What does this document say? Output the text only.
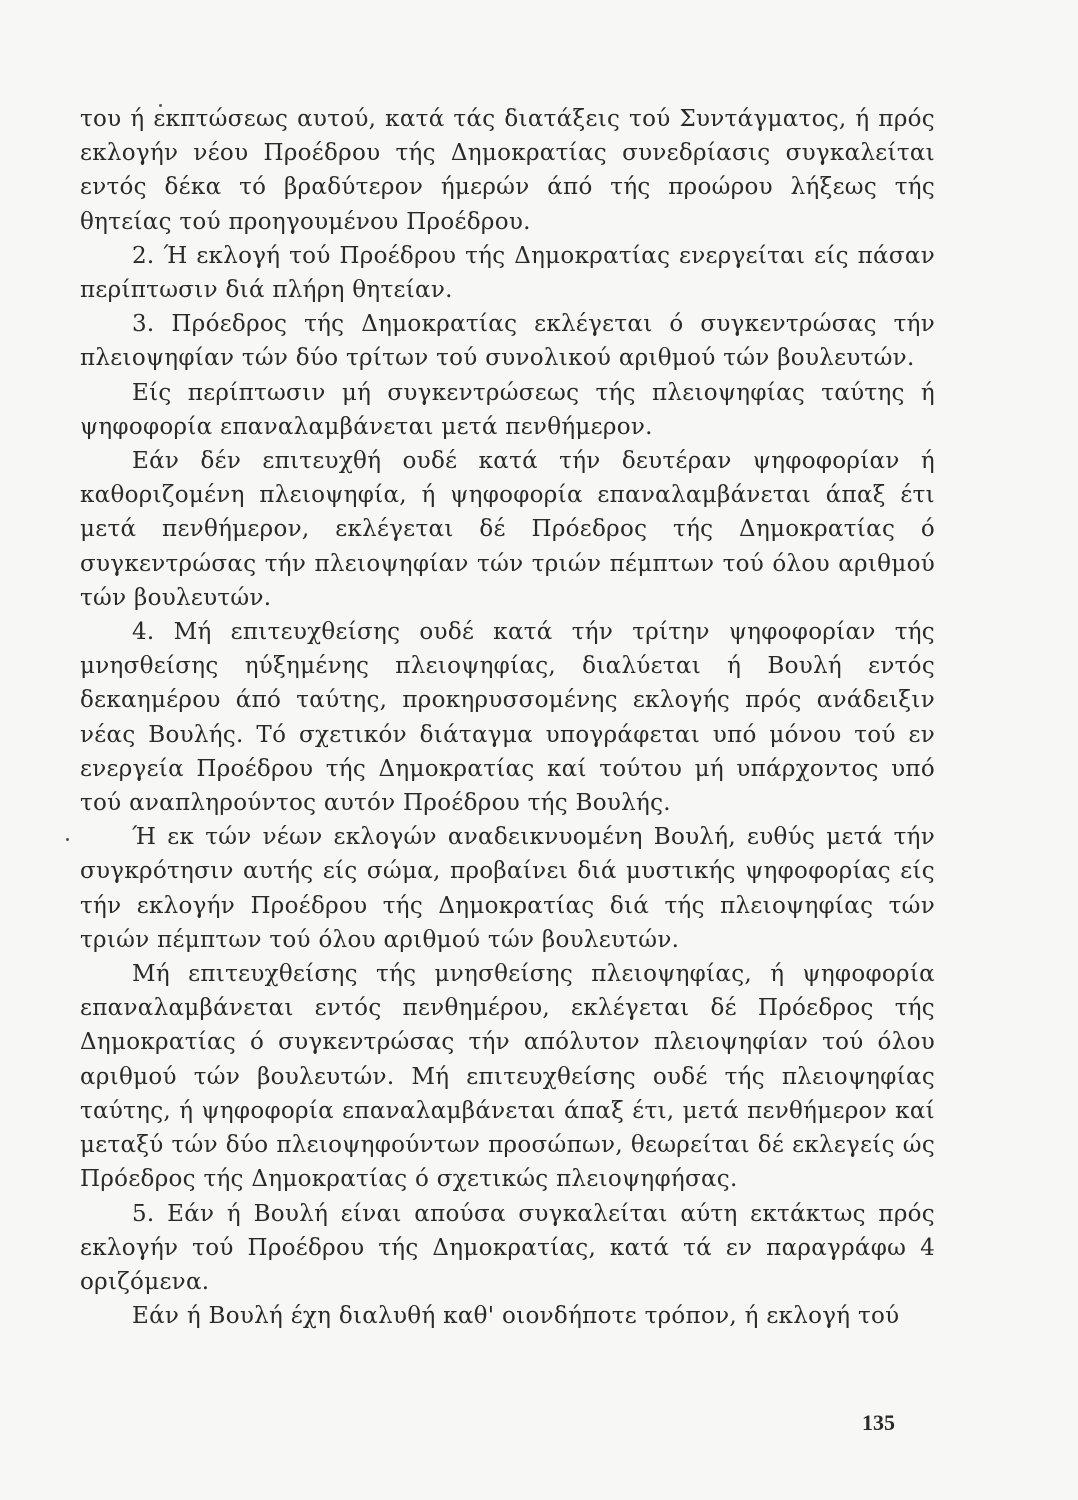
του ή εκπτώσεως αυτού, κατά τάς διατάξεις τού Συντάγματος, ή πρός εκλογήν νέου Προέδρου τής Δημοκρατίας συνεδρίασις συγκαλείται εντός δέκα τό βραδύτερον ήμερών άπό τής προώρου λήξεως τής θητείας τού προηγουμένου Προέδρου.

2. Ή εκλογή τού Προέδρου τής Δημοκρατίας ενεργείται είς πάσαν περίπτωσιν διά πλήρη θητείαν.

3. Πρόεδρος τής Δημοκρατίας εκλέγεται ό συγκεντρώσας τήν πλειοψηφίαν τών δύο τρίτων τού συνολικού αριθμού τών βουλευτών.

Είς περίπτωσιν μή συγκεντρώσεως τής πλειοψηφίας ταύτης ή ψηφοφορία επαναλαμβάνεται μετά πενθήμερον.

Εάν δέν επιτευχθή ουδέ κατά τήν δευτέραν ψηφοφορίαν ή καθοριζομένη πλειοψηφία, ή ψηφοφορία επαναλαμβάνεται άπαξ έτι μετά πενθήμερον, εκλέγεται δέ Πρόεδρος τής Δημοκρατίας ό συγκεντρώσας τήν πλειοψηφίαν τών τριών πέμπτων τού όλου αριθμού τών βουλευτών.

4. Μή επιτευχθείσης ουδέ κατά τήν τρίτην ψηφοφορίαν τής μνησθείσης ηύξημένης πλειοψηφίας, διαλύεται ή Βουλή εντός δεκαημέρου άπό ταύτης, προκηρυσσομένης εκλογής πρός ανάδειξιν νέας Βουλής. Τό σχετικόν διάταγμα υπογράφεται υπό μόνου τού εν ενεργεία Προέδρου τής Δημοκρατίας καί τούτου μή υπάρχοντος υπό τού αναπληρούντος αυτόν Προέδρου τής Βουλής.

Ή εκ τών νέων εκλογών αναδεικνυομένη Βουλή, ευθύς μετά τήν συγκρότησιν αυτής είς σώμα, προβαίνει διά μυστικής ψηφοφορίας είς τήν εκλογήν Προέδρου τής Δημοκρατίας διά τής πλειοψηφίας τών τριών πέμπτων τού όλου αριθμού τών βουλευτών.

Μή επιτευχθείσης τής μνησθείσης πλειοψηφίας, ή ψηφοφορία επαναλαμβάνεται εντός πενθημέρου, εκλέγεται δέ Πρόεδρος τής Δημοκρατίας ό συγκεντρώσας τήν απόλυτον πλειοψηφίαν τού όλου αριθμού τών βουλευτών. Μή επιτευχθείσης ουδέ τής πλειοψηφίας ταύτης, ή ψηφοφορία επαναλαμβάνεται άπαξ έτι, μετά πενθήμερον καί μεταξύ τών δύο πλειοψηφούντων προσώπων, θεωρείται δέ εκλεγείς ώς Πρόεδρος τής Δημοκρατίας ό σχετικώς πλειοψηφήσας.

5. Εάν ή Βουλή είναι απούσα συγκαλείται αύτη εκτάκτως πρός εκλογήν τού Προέδρου τής Δημοκρατίας, κατά τά εν παραγράφω 4 οριζόμενα.

Εάν ή Βουλή έχη διαλυθή καθ' οιονδήποτε τρόπον, ή εκλογή τού

135
